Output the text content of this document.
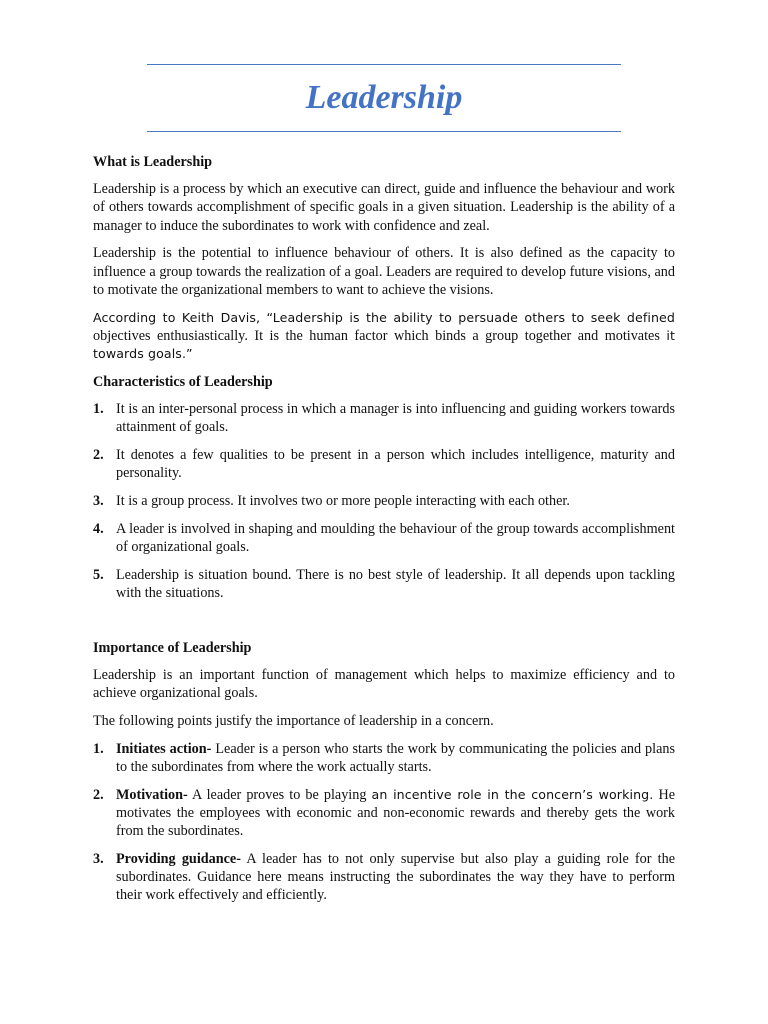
Leadership
What is Leadership

Leadership is a process by which an executive can direct, guide and influence the behaviour and work of others towards accomplishment of specific goals in a given situation. Leadership is the ability of a manager to induce the subordinates to work with confidence and zeal.

Leadership is the potential to influence behaviour of others. It is also defined as the capacity to influence a group towards the realization of a goal. Leaders are required to develop future visions, and to motivate the organizational members to want to achieve the visions.

According to Keith Davis, “Leadership is the ability to persuade others to seek defined objectives enthusiastically. It is the human factor which binds a group together and motivates it towards goals.”

Characteristics of Leadership
1. It is an inter-personal process in which a manager is into influencing and guiding workers towards attainment of goals.
2. It denotes a few qualities to be present in a person which includes intelligence, maturity and personality.
3. It is a group process. It involves two or more people interacting with each other.
4. A leader is involved in shaping and moulding the behaviour of the group towards accomplishment of organizational goals.
5. Leadership is situation bound. There is no best style of leadership. It all depends upon tackling with the situations.
Importance of Leadership

Leadership is an important function of management which helps to maximize efficiency and to achieve organizational goals.

The following points justify the importance of leadership in a concern.

1. Initiates action- Leader is a person who starts the work by communicating the policies and plans to the subordinates from where the work actually starts.
2. Motivation- A leader proves to be playing an incentive role in the concern’s working. He motivates the employees with economic and non-economic rewards and thereby gets the work from the subordinates.
3. Providing guidance- A leader has to not only supervise but also play a guiding role for the subordinates. Guidance here means instructing the subordinates the way they have to perform their work effectively and efficiently.
